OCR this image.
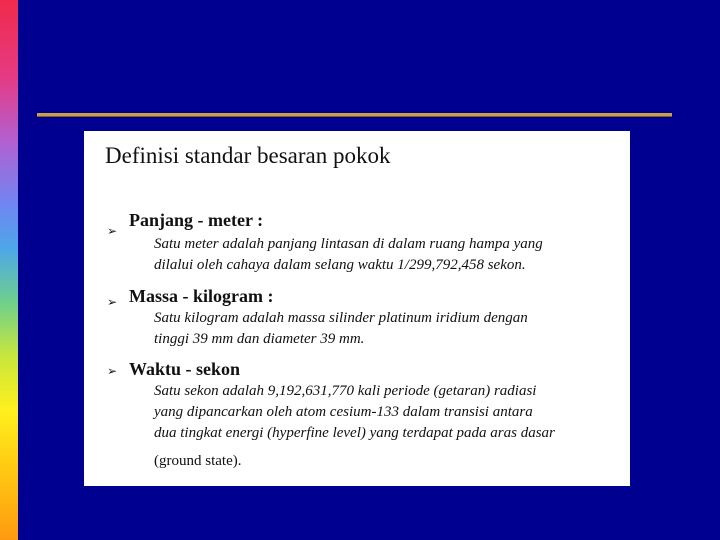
Definisi standar besaran pokok
➢
Panjang - meter :
Satu meter adalah panjang lintasan di dalam ruang hampa yang
dilalui oleh cahaya dalam selang waktu 1/299,792,458 sekon.
➢ Massa - kilogram :
Satu kilogram adalah massa silinder platinum iridium dengan
tinggi 39 mm dan diameter 39 mm.
➢ Waktu - sekon
Satu sekon adalah 9,192,631,770 kali periode (getaran) radiasi
yang dipancarkan oleh atom cesium-133 dalam transisi antara
dua tingkat energi (hyperfine level) yang terdapat pada aras dasar
(ground state).
